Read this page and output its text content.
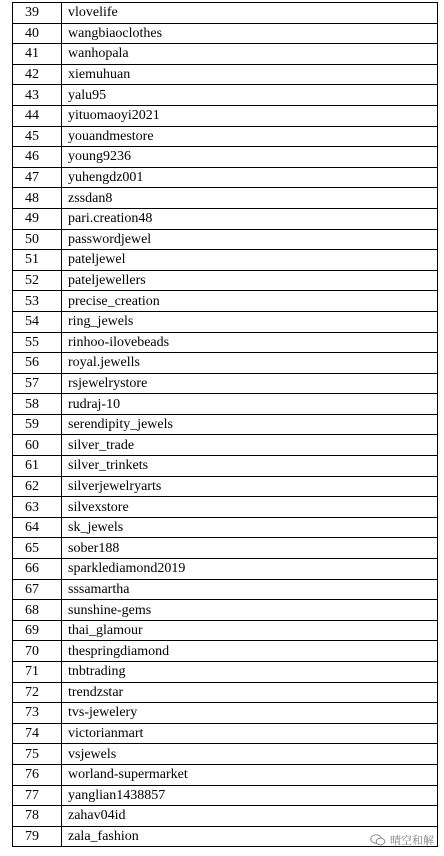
39	vlovelife
40	wangbiaoclothes
41	wanhopala
42	xiemuhuan
43	yalu95
44	yituomaoyi2021
45	youandmestore
46	young9236
47	yuhengdz001
48	zssdan8
49	pari.creation48
50	passwordjewel
51	pateljewel
52	pateljewellers
53	precise_creation
54	ring_jewels
55	rinhoo-ilovebeads
56	royal.jewells
57	rsjewelrystore
58	rudraj-10
59	serendipity_jewels
60	silver_trade
61	silver_trinkets
62	silverjewelryarts
63	silvexstore
64	sk_jewels
65	sober188
66	sparklediamond2019
67	sssamartha
68	sunshine-gems
69	thai_glamour
70	thespringdiamond
71	tnbtrading
72	trendzstar
73	tvs-jewelery
74	victorianmart
75	vsjewels
76	worland-supermarket
77	yanglian1438857
78	zahav04id
79	zala_fashion	晴空和解
